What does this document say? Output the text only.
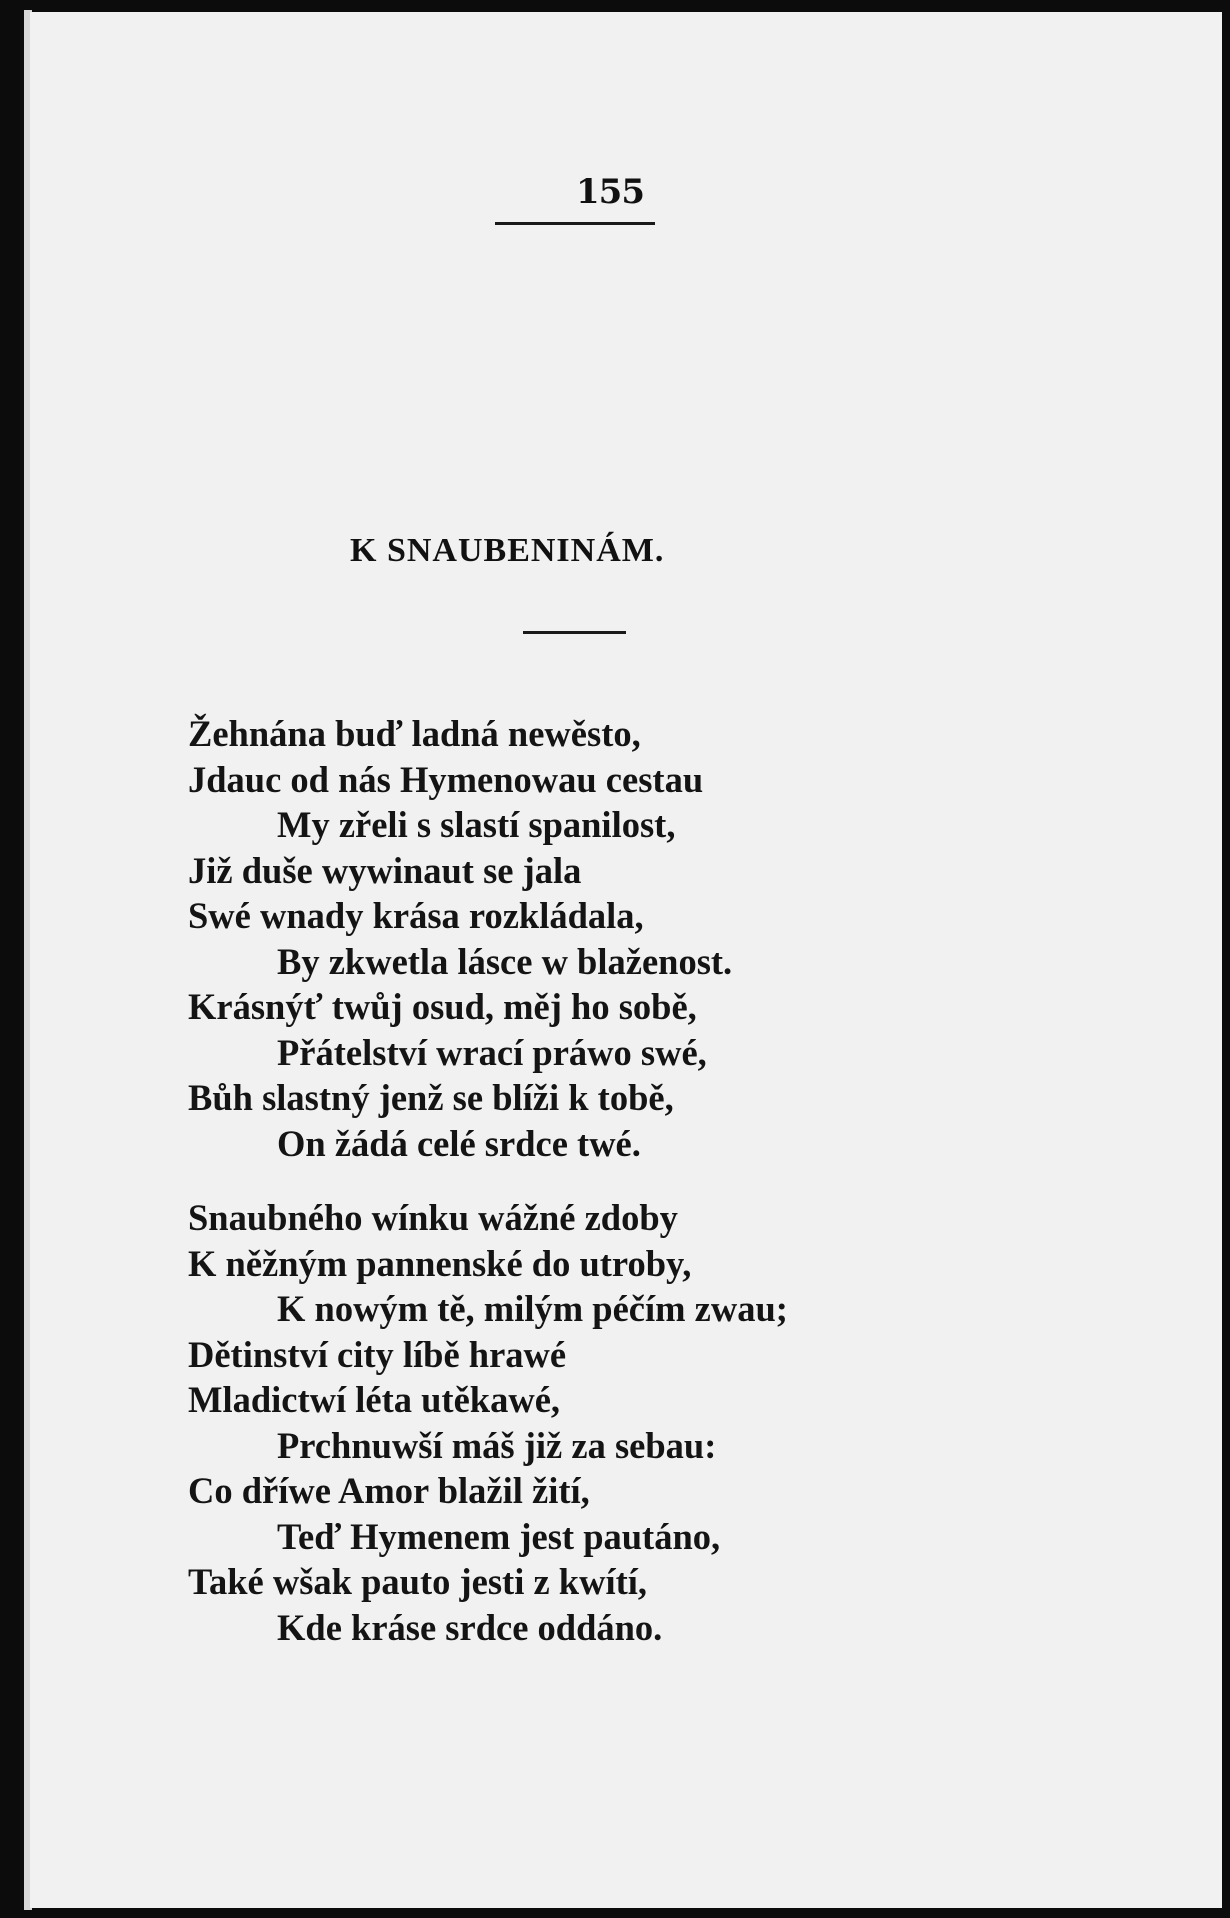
155
K SNAUBENINÁM.
Žehnána buď ladná newěsto,
Jdauc od nás Hymenowau cestau
My zřeli s slastí spanilost,
Již duše wywinaut se jala
Swé wnady krása rozkládala,
By zkwetla lásce w blaženost.
Krásnýť twůj osud, měj ho sobě,
Přátelství wrací práwo swé,
Bůh slastný jenž se blíži k tobě,
On žádá celé srdce twé.
Snaubného wínku wážné zdoby
K něžným pannenské do utroby,
K nowým tě, milým péčím zwau;
Dětinství city líbě hrawé
Mladictwí léta utěkawé,
Prchnuwší máš již za sebau:
Co dříwe Amor blažil žití,
Teď Hymenem jest pautáno,
Také wšak pauto jesti z kwítí,
Kde krásе srdce oddáno.
